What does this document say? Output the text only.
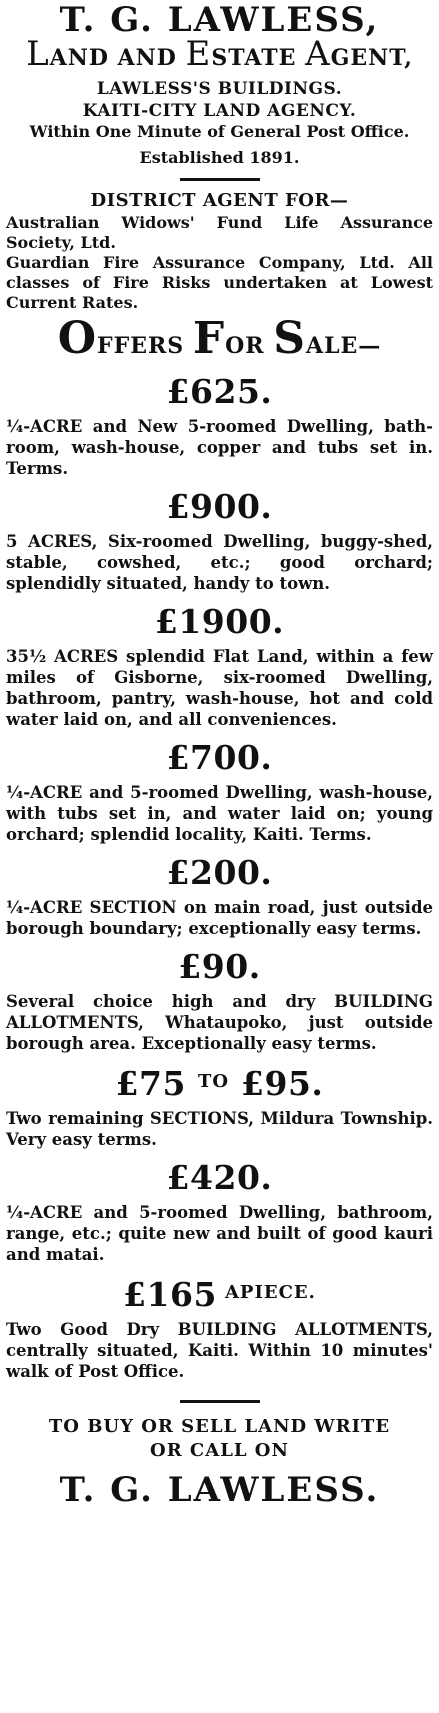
T. G. LAWLESS,
LAND AND ESTATE AGENT,
LAWLESS'S BUILDINGS.
KAITI-CITY LAND AGENCY.
Within One Minute of General Post Office.
Established 1891.
DISTRICT AGENT FOR—
Australian Widows' Fund Life Assurance Society, Ltd.
Guardian Fire Assurance Company, Ltd. All classes of Fire Risks undertaken at Lowest Current Rates.
OFFERS FOR SALE—
£625.

¼-ACRE and New 5-roomed Dwelling, bath-room, wash-house, copper and tubs set in. Terms.

£900.

5 ACRES, Six-roomed Dwelling, buggy-shed, stable, cowshed, etc.; good orchard; splendidly situated, handy to town.

£1900.

35½ ACRES splendid Flat Land, within a few miles of Gisborne, six-roomed Dwelling, bathroom, pantry, wash-house, hot and cold water laid on, and all conveniences.

£700.

¼-ACRE and 5-roomed Dwelling, wash-house, with tubs set in, and water laid on; young orchard; splendid locality, Kaiti. Terms.

£200.

¼-ACRE SECTION on main road, just outside borough boundary; exceptionally easy terms.

£90.

Several choice high and dry BUILDING ALLOTMENTS, Whataupoko, just outside borough area. Exceptionally easy terms.

£75 $^{TO}$ £95.

Two remaining SECTIONS, Mildura Township. Very easy terms.

£420.

¼-ACRE and 5-roomed Dwelling, bathroom, range, etc.; quite new and built of good kauri and matai.

£165 $^{APIECE.}$

Two Good Dry BUILDING ALLOTMENTS, centrally situated, Kaiti. Within 10 minutes' walk of Post Office.

TO BUY OR SELL LAND WRITE
OR CALL ON
T. G. LAWLESS.
